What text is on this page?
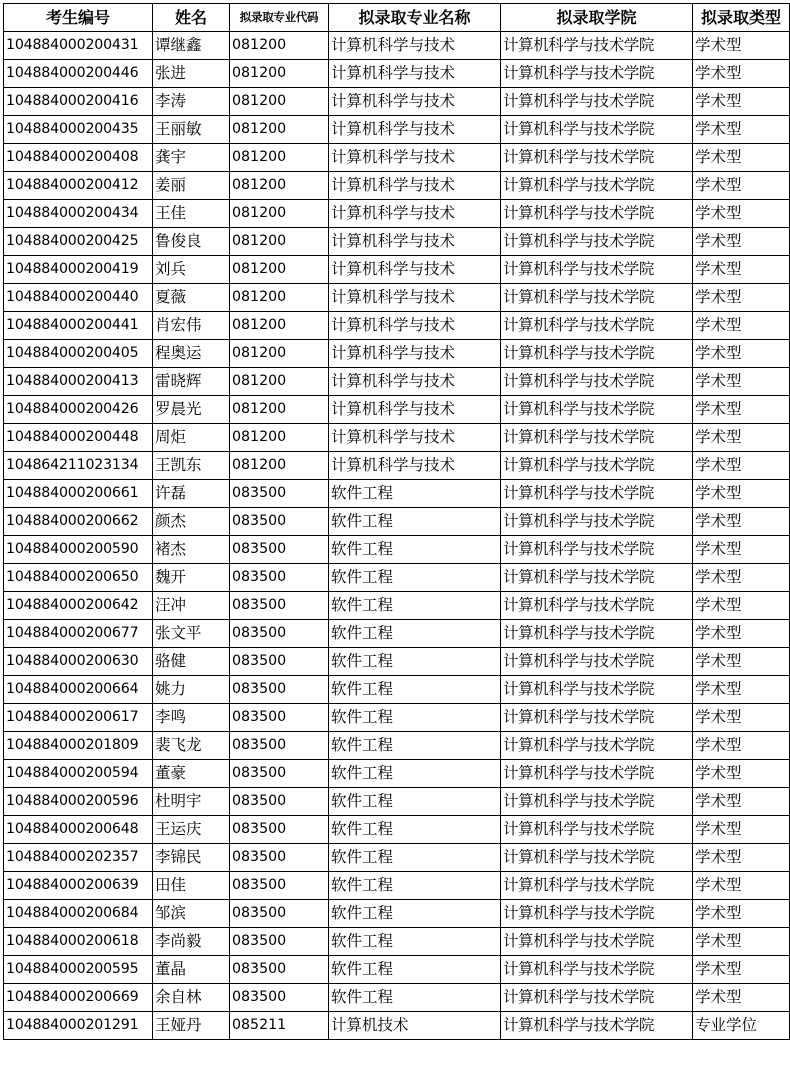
考生编号	姓名	拟录取专业代码	拟录取专业名称	拟录取学院	拟录取类型
104884000200431	谭继鑫	081200	计算机科学与技术	计算机科学与技术学院	学术型
104884000200446	张进	081200	计算机科学与技术	计算机科学与技术学院	学术型
104884000200416	李涛	081200	计算机科学与技术	计算机科学与技术学院	学术型
104884000200435	王丽敏	081200	计算机科学与技术	计算机科学与技术学院	学术型
104884000200408	龚宇	081200	计算机科学与技术	计算机科学与技术学院	学术型
104884000200412	姜丽	081200	计算机科学与技术	计算机科学与技术学院	学术型
104884000200434	王佳	081200	计算机科学与技术	计算机科学与技术学院	学术型
104884000200425	鲁俊良	081200	计算机科学与技术	计算机科学与技术学院	学术型
104884000200419	刘兵	081200	计算机科学与技术	计算机科学与技术学院	学术型
104884000200440	夏薇	081200	计算机科学与技术	计算机科学与技术学院	学术型
104884000200441	肖宏伟	081200	计算机科学与技术	计算机科学与技术学院	学术型
104884000200405	程奥运	081200	计算机科学与技术	计算机科学与技术学院	学术型
104884000200413	雷晓辉	081200	计算机科学与技术	计算机科学与技术学院	学术型
104884000200426	罗晨光	081200	计算机科学与技术	计算机科学与技术学院	学术型
104884000200448	周炬	081200	计算机科学与技术	计算机科学与技术学院	学术型
104864211023134	王凯东	081200	计算机科学与技术	计算机科学与技术学院	学术型
104884000200661	许磊	083500	软件工程	计算机科学与技术学院	学术型
104884000200662	颜杰	083500	软件工程	计算机科学与技术学院	学术型
104884000200590	褚杰	083500	软件工程	计算机科学与技术学院	学术型
104884000200650	魏开	083500	软件工程	计算机科学与技术学院	学术型
104884000200642	汪冲	083500	软件工程	计算机科学与技术学院	学术型
104884000200677	张文平	083500	软件工程	计算机科学与技术学院	学术型
104884000200630	骆健	083500	软件工程	计算机科学与技术学院	学术型
104884000200664	姚力	083500	软件工程	计算机科学与技术学院	学术型
104884000200617	李鸣	083500	软件工程	计算机科学与技术学院	学术型
104884000201809	裴飞龙	083500	软件工程	计算机科学与技术学院	学术型
104884000200594	董豪	083500	软件工程	计算机科学与技术学院	学术型
104884000200596	杜明宇	083500	软件工程	计算机科学与技术学院	学术型
104884000200648	王运庆	083500	软件工程	计算机科学与技术学院	学术型
104884000202357	李锦民	083500	软件工程	计算机科学与技术学院	学术型
104884000200639	田佳	083500	软件工程	计算机科学与技术学院	学术型
104884000200684	邹滨	083500	软件工程	计算机科学与技术学院	学术型
104884000200618	李尚毅	083500	软件工程	计算机科学与技术学院	学术型
104884000200595	董晶	083500	软件工程	计算机科学与技术学院	学术型
104884000200669	余自林	083500	软件工程	计算机科学与技术学院	学术型
104884000201291	王娅丹	085211	计算机技术	计算机科学与技术学院	专业学位
